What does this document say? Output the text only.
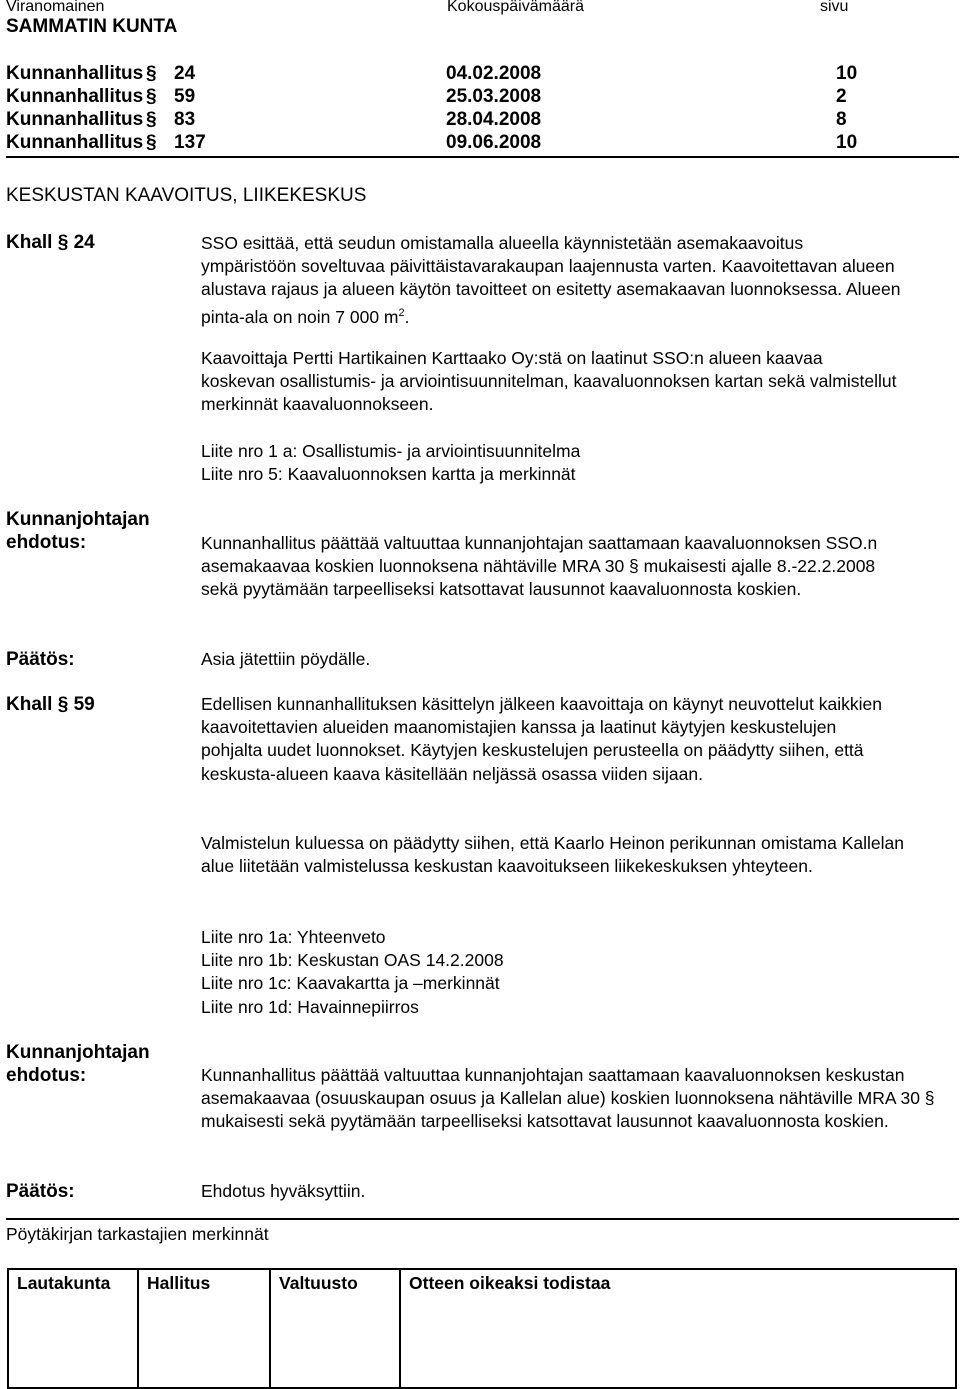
Viranomainen	Kokouspäivämäärä	sivu
SAMMATIN KUNTA
Kunnanhallitus § 24	04.02.2008	10
Kunnanhallitus § 59	25.03.2008	2
Kunnanhallitus § 83	28.04.2008	8
Kunnanhallitus § 137	09.06.2008	10
KESKUSTAN KAAVOITUS, LIIKEKESKUS
Khall § 24	SSO esittää, että seudun omistamalla alueella käynnistetään asemakaavoitus ympäristöön soveltuvaa päivittäistavarakaupan laajennusta varten. Kaavoitettavan alueen alustava rajaus ja alueen käytön tavoitteet on esitetty asemakaavan luonnoksessa. Alueen pinta-ala on noin 7 000 $m^2$.

Kaavoittaja Pertti Hartikainen Karttaako Oy:stä on laatinut SSO:n alueen kaavaa koskevan osallistumis- ja arviointisuunnitelman, kaavaluonnoksen kartan sekä valmistellut merkinnät kaavaluonnokseen.

Liite nro 1 a: Osallistumis- ja arviointisuunnitelma

Liite nro 5: Kaavaluonnoksen kartta ja merkinnät

Kunnanjohtajan
ehdotus:	Kunnanhallitus päättää valtuuttaa kunnanjohtajan saattamaan kaavaluonnoksen SSO.n asemakaavaa koskien luonnoksena nähtäville MRA 30 § mukaisesti ajalle 8.-22.2.2008 sekä pyytämään tarpeelliseksi katsottavat lausunnot kaavaluonnosta koskien.
Päätös:	Asia jätettiin pöydälle.
Khall § 59	Edellisen kunnanhallituksen käsittelyn jälkeen kaavoittaja on käynyt neuvottelut kaikkien kaavoitettavien alueiden maanomistajien kanssa ja laatinut käytyjen keskustelujen pohjalta uudet luonnokset. Käytyjen keskustelujen perusteella on päädytty siihen, että keskusta-alueen kaava käsitellään neljässä osassa viiden sijaan.
Valmistelun kuluessa on päädytty siihen, että Kaarlo Heinon perikunnan omistama Kallelan alue liitetään valmistelussa keskustan kaavoitukseen liikekeskuksen yhteyteen.

Liite nro 1a: Yhteenveto

Liite nro 1b: Keskustan OAS 14.2.2008

Liite nro 1c: Kaavakartta ja –merkinnät

Liite nro 1d: Havainnepiirros

Kunnanjohtajan
ehdotus:	Kunnanhallitus päättää valtuuttaa kunnanjohtajan saattamaan kaavaluonnoksen keskustan asemakaavaa (osuuskaupan osuus ja Kallelan alue) koskien luonnoksena nähtäville MRA 30 § mukaisesti sekä pyytämään tarpeelliseksi katsottavat lausunnot kaavaluonnosta koskien.
Päätös:	Ehdotus hyväksyttiin.
Pöytäkirjan tarkastajien merkinnät
Lautakunta	Hallitus	Valtuusto	Otteen oikeaksi todistaa
